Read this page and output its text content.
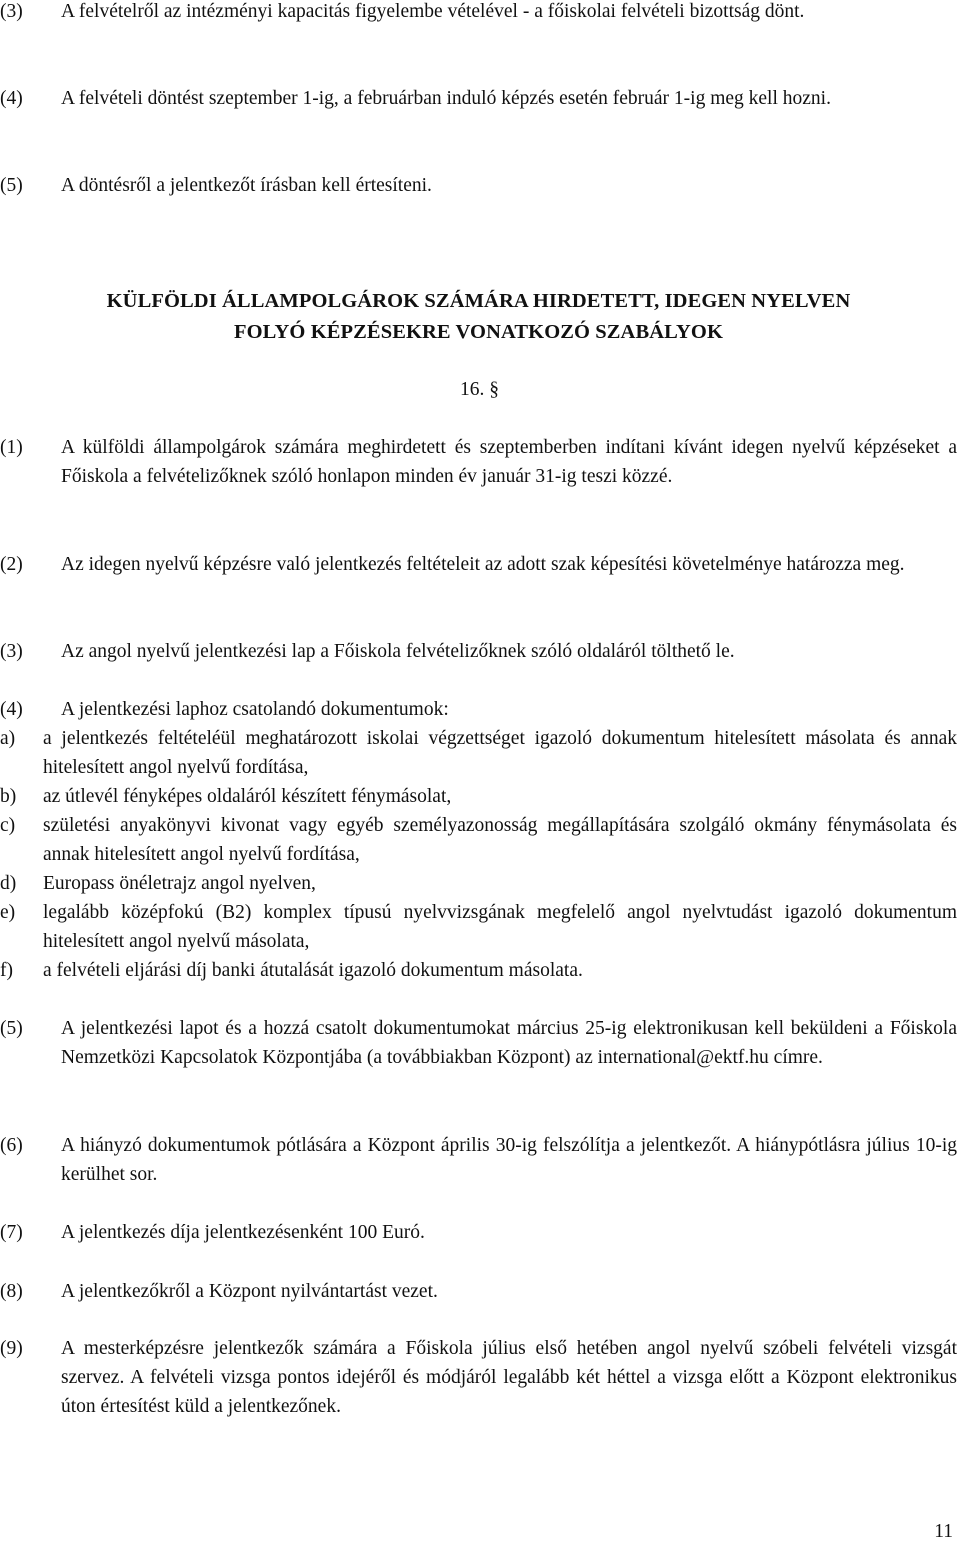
(3) A felvételről az intézményi kapacitás figyelembe vételével - a főiskolai felvételi bizottság dönt.
(4) A felvételi döntést szeptember 1-ig, a februárban induló képzés esetén február 1-ig meg kell hozni.
(5) A döntésről a jelentkezőt írásban kell értesíteni.
KÜLFÖLDI ÁLLAMPOLGÁROK SZÁMÁRA HIRDETETT, IDEGEN NYELVEN
FOLYÓ KÉPZÉSEKRE VONATKOZÓ SZABÁLYOK
16. §
(1) A külföldi állampolgárok számára meghirdetett és szeptemberben indítani kívánt idegen nyelvű képzéseket a Főiskola a felvételizőknek szóló honlapon minden év január 31-ig teszi közzé.
(2) Az idegen nyelvű képzésre való jelentkezés feltételeit az adott szak képesítési követelménye határozza meg.
(3) Az angol nyelvű jelentkezési lap a Főiskola felvételizőknek szóló oldaláról tölthető le.
(4) A jelentkezési laphoz csatolandó dokumentumok:
a) a jelentkezés feltételéül meghatározott iskolai végzettséget igazoló dokumentum hitelesített másolata és annak hitelesített angol nyelvű fordítása,
b) az útlevél fényképes oldaláról készített fénymásolat,
c) születési anyakönyvi kivonat vagy egyéb személyazonosság megállapítására szolgáló okmány fénymásolata és annak hitelesített angol nyelvű fordítása,
d) Europass önéletrajz angol nyelven,
e) legalább középfokú (B2) komplex típusú nyelvvizsgának megfelelő angol nyelvtudást igazoló dokumentum hitelesített angol nyelvű másolata,
f) a felvételi eljárási díj banki átutalását igazoló dokumentum másolata.
(5) A jelentkezési lapot és a hozzá csatolt dokumentumokat március 25-ig elektronikusan kell beküldeni a Főiskola Nemzetközi Kapcsolatok Központjába (a továbbiakban Központ) az international@ektf.hu címre.
(6) A hiányzó dokumentumok pótlására a Központ április 30-ig felszólítja a jelentkezőt. A hiánypótlásra július 10-ig kerülhet sor.
(7) A jelentkezés díja jelentkezésenként 100 Euró.
(8) A jelentkezőkről a Központ nyilvántartást vezet.
(9) A mesterképzésre jelentkezők számára a Főiskola július első hetében angol nyelvű szóbeli felvételi vizsgát szervez. A felvételi vizsga pontos idejéről és módjáról legalább két héttel a vizsga előtt a Központ elektronikus úton értesítést küld a jelentkezőnek.
11
